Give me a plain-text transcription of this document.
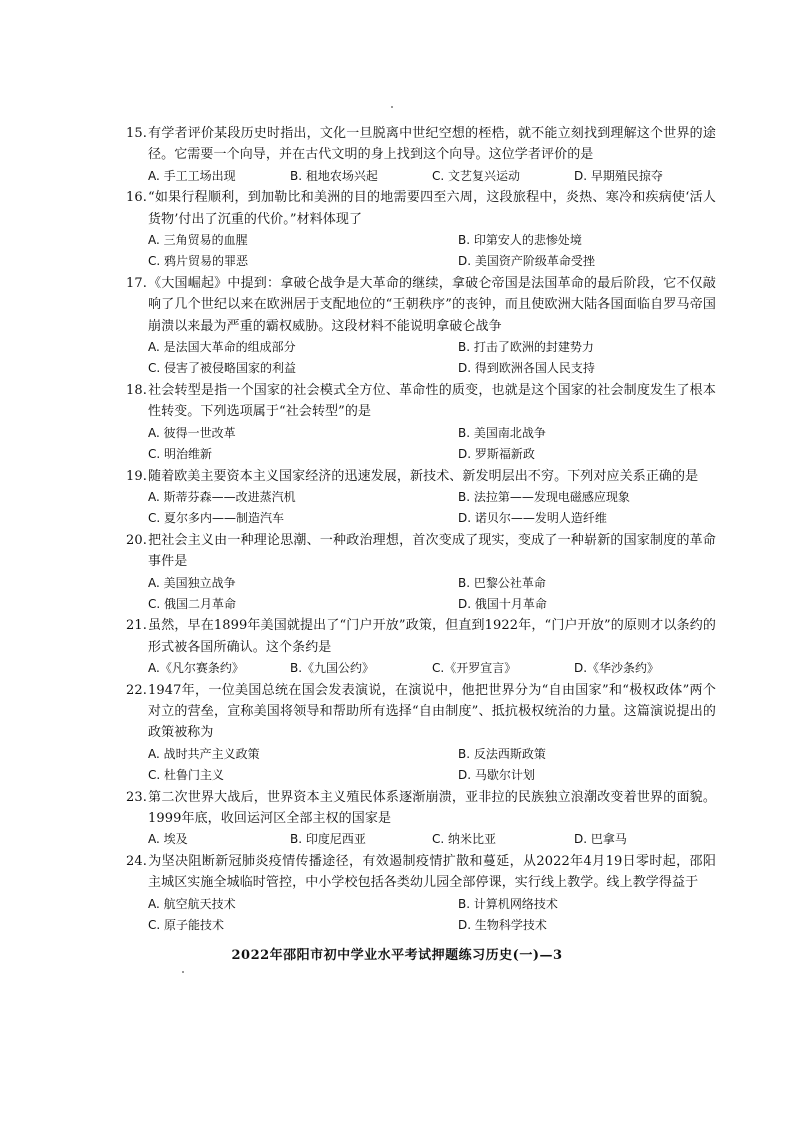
15.有学者评价某段历史时指出，文化一旦脱离中世纪空想的桎梏，就不能立刻找到理解这个世界的途径。它需要一个向导，并在古代文明的身上找到这个向导。这位学者评价的是

A. 手工工场出现	B. 租地农场兴起	C. 文艺复兴运动	D. 早期殖民掠夺

16.“如果行程顺利，到加勒比和美洲的目的地需要四至六周，这段旅程中，炎热、寒冷和疾病使‘活人货物’付出了沉重的代价。”材料体现了

A. 三角贸易的血腥	B. 印第安人的悲惨处境
C. 鸦片贸易的罪恶	D. 美国资产阶级革命受挫

17.《大国崛起》中提到：拿破仑战争是大革命的继续，拿破仑帝国是法国革命的最后阶段，它不仅敲响了几个世纪以来在欧洲居于支配地位的“王朝秩序”的丧钟，而且使欧洲大陆各国面临自罗马帝国崩溃以来最为严重的霸权威胁。这段材料不能说明拿破仑战争

A. 是法国大革命的组成部分	B. 打击了欧洲的封建势力
C. 侵害了被侵略国家的利益	D. 得到欧洲各国人民支持

18.社会转型是指一个国家的社会模式全方位、革命性的质变，也就是这个国家的社会制度发生了根本性转变。下列选项属于“社会转型”的是

A. 彼得一世改革	B. 美国南北战争
C. 明治维新	D. 罗斯福新政

19.随着欧美主要资本主义国家经济的迅速发展，新技术、新发明层出不穷。下列对应关系正确的是

A. 斯蒂芬森——改进蒸汽机	B. 法拉第——发现电磁感应现象
C. 夏尔多内——制造汽车	D. 诺贝尔——发明人造纤维

20.把社会主义由一种理论思潮、一种政治理想，首次变成了现实，变成了一种崭新的国家制度的革命事件是

A. 美国独立战争	B. 巴黎公社革命
C. 俄国二月革命	D. 俄国十月革命

21.虽然，早在1899年美国就提出了“门户开放”政策，但直到1922年，“门户开放”的原则才以条约的形式被各国所确认。这个条约是

A.《凡尔赛条约》	B.《九国公约》	C.《开罗宣言》	D.《华沙条约》

22.1947年，一位美国总统在国会发表演说，在演说中，他把世界分为“自由国家”和“极权政体”两个对立的营垒，宣称美国将领导和帮助所有选择“自由制度”、抵抗极权统治的力量。这篇演说提出的政策被称为

A. 战时共产主义政策	B. 反法西斯政策
C. 杜鲁门主义	D. 马歇尔计划

23.第二次世界大战后，世界资本主义殖民体系逐渐崩溃，亚非拉的民族独立浪潮改变着世界的面貌。1999年底，收回运河区全部主权的国家是

A. 埃及	B. 印度尼西亚	C. 纳米比亚	D. 巴拿马

24.为坚决阻断新冠肺炎疫情传播途径，有效遏制疫情扩散和蔓延，从2022年4月19日零时起，邵阳主城区实施全城临时管控，中小学校包括各类幼儿园全部停课，实行线上教学。线上教学得益于

A. 航空航天技术	B. 计算机网络技术
C. 原子能技术	D. 生物科学技术
2022年邵阳市初中学业水平考试押题练习历史(一)—3
